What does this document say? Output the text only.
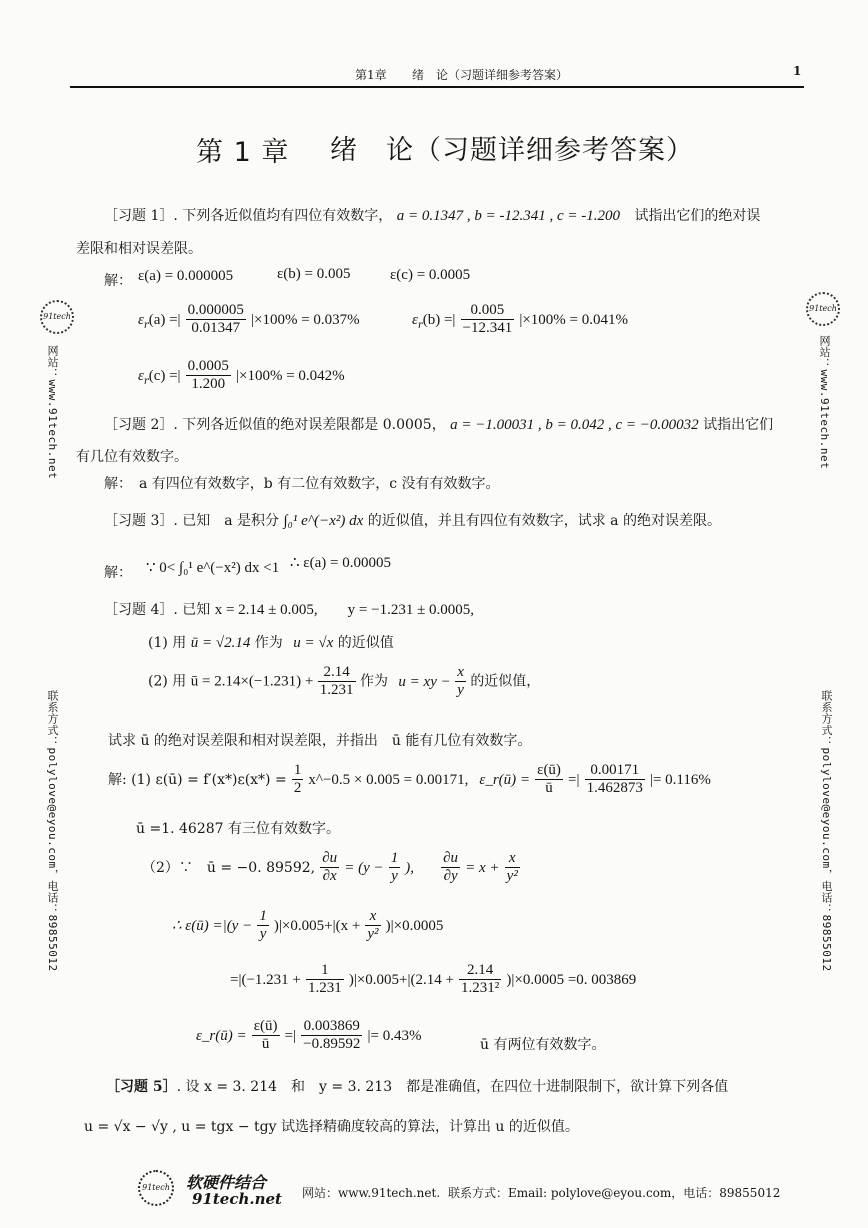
第1章 绪　论（习题详细参考答案）	1
第 1 章 绪　论（习题详细参考答案）
91tech
网站：www.91tech.net
联系方式：polylove@eyou.com，电话：89855012
91tech
网站：www.91tech.net
联系方式：polylove@eyou.com，电话：89855012
［习题 1］. 下列各近似值均有四位有效数字， a = 0.1347 , b = -12.341 , c = -1.200 试指出它们的绝对误
差限和相对误差限。
解： ε(a) = 0.000005	ε(b) = 0.005	ε(c) = 0.0005
$\varepsilon_r(a)$ =| $\frac{0.000005}{0.01347} |\times 100\% = 0.037\%$	$\varepsilon_r(b)$ =| $\frac{0.005}{-12.341} |\times 100\% = 0.041\%$
$\varepsilon_r(c)$ =| $\frac{0.0005}{1.200} |\times 100\% = 0.042\%$
［习题 2］. 下列各近似值的绝对误差限都是 0.0005， a = −1.00031 , b = 0.042 , c = −0.00032 试指出它们
有几位有效数字。
解：　a 有四位有效数字，b 有二位有效数字，c 没有有效数字。
［习题 3］. 已知　a 是积分 ∫₀¹ e^(−x²) dx 的近似值，并且有四位有效数字，试求 a 的绝对误差限。
解： ∵ 0< ∫₀¹ e^(−x²) dx <1 ∴ ε(a) = 0.00005
［习题 4］. 已知 x = 2.14 ± 0.005,　　y = −1.231 ± 0.0005,
(1) 用 ū = √2.14 作为 u = √x 的近似值
(2) 用 ū = $2.14\times(-1.231) + \frac{2.14}{1.231}$ 作为 u = xy − $\frac{x}{y}$ 的近似值，
试求 ū 的绝对误差限和相对误差限，并指出　ū 能有几位有效数字。
解: (1) ε(ū) = $f'(x*)\varepsilon(x*) = \frac{1}{2}$ x^−0.5 × 0.005 = 0.00171, ε_r(ū) = $\frac{\varepsilon(ū)}{ū}$ =| $\frac{0.00171}{1.462873}$ |= 0.116%
ū =1. 46287 有三位有效数字。
（2）∵　ū = −0. 89592, $\frac{\partial u}{\partial x} = (y - \frac{1}{y}$ ), $\frac{\partial u}{\partial y} = x + \frac{x}{\text{y²}}$
∴ ε(ū) $=|(y - \frac{1}{y} )|\times 0.005+|(x + \frac{x}{\text{y²}} )|\times 0.0005$
$=|(-1.231 + \frac{1}{1.231} )|\times 0.005+|(2.14 + \frac{2.14}{\text{1.231²}} )|\times 0.0005 =0$. 003869
ε_r(ū) = $\frac{\varepsilon(ū)}{ū}$ =| $\frac{0.003869}{-0.89592}$ |= 0.43%
ū 有两位有效数字。
［习题 5］. 设 x = 3. 214　和　y = 3. 213　都是准确值，在四位十进制限制下，欲计算下列各值
u = √x − √y , u = tgx − tgy 试选择精确度较高的算法，计算出 u 的近似值。
91tech 软硬件结合
91tech.net 网站：www.91tech.net. 联系方式：Email: polylove@eyou.com，电话：89855012
